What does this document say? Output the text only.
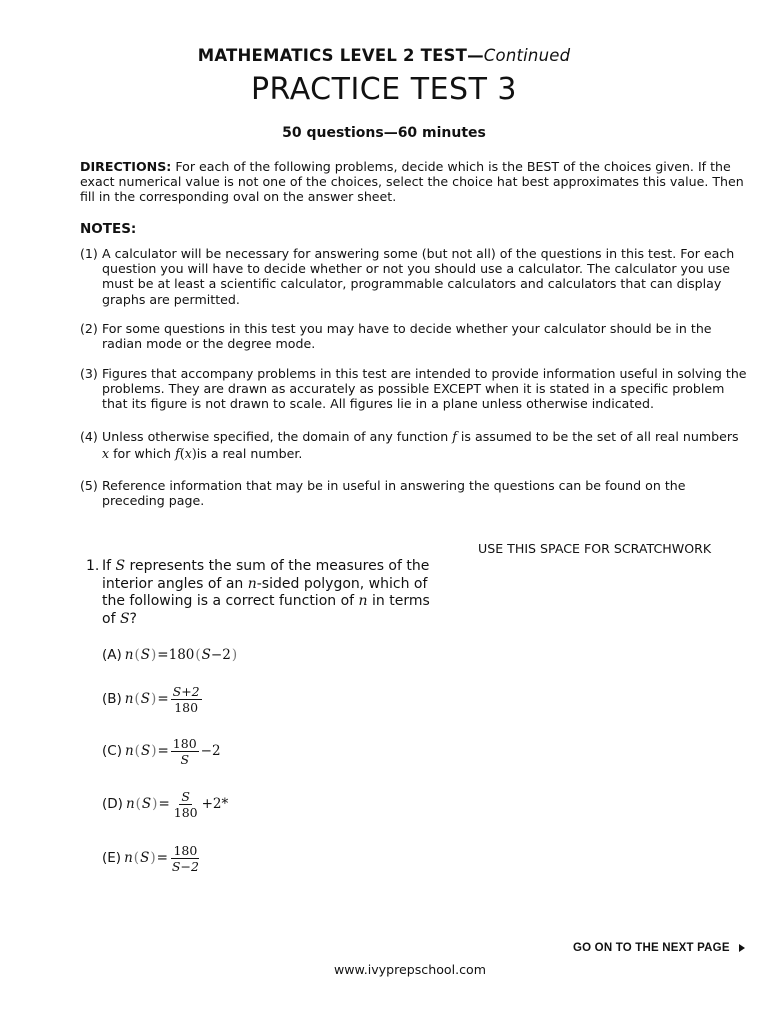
MATHEMATICS LEVEL 2 TEST—Continued
PRACTICE TEST 3
50 questions—60 minutes
DIRECTIONS: For each of the following problems, decide which is the BEST of the choices given. If the exact numerical value is not one of the choices, select the choice hat best approximates this value. Then fill in the corresponding oval on the answer sheet.
NOTES:
(1) A calculator will be necessary for answering some (but not all) of the questions in this test. For each question you will have to decide whether or not you should use a calculator. The calculator you use must be at least a scientific calculator, programmable calculators and calculators that can display graphs are permitted.
(2) For some questions in this test you may have to decide whether your calculator should be in the radian mode or the degree mode.
(3) Figures that accompany problems in this test are intended to provide information useful in solving the problems. They are drawn as accurately as possible EXCEPT when it is stated in a specific problem that its figure is not drawn to scale. All figures lie in a plane unless otherwise indicated.
(4) Unless otherwise specified, the domain of any function f is assumed to be the set of all real numbers
x for which f(x)is a real number.
(5) Reference information that may be in useful in answering the questions can be found on the preceding page.
USE THIS SPACE FOR SCRATCHWORK
1. If S represents the sum of the measures of the interior angles of an n-sided polygon, which of the following is a correct function of n in terms of S?
(A) n ( S ) = 180 ( S −2 )
(B) n ( S ) = $\frac{S+2}{180}$
(C) n ( S ) = $\frac{180}{S} -2$
(D) n ( S ) = $\frac{S}{180} +2*$
(E) n ( S ) = $\frac{180}{S-2}$
GO ON TO THE NEXT PAGE
www.ivyprepschool.com
